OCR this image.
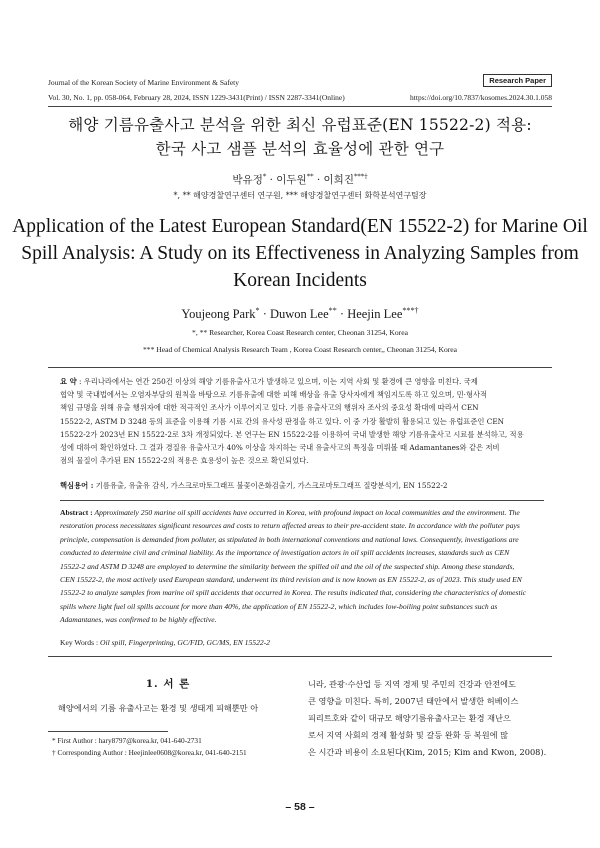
Journal of the Korean Society of Marine Environment & Safety	Research Paper
Vol. 30, No. 1, pp. 058-064, February 28, 2024, ISSN 1229-3431(Print) / ISSN 2287-3341(Online)	https://doi.org/10.7837/kosomes.2024.30.1.058
해양 기름유출사고 분석을 위한 최신 유럽표준(EN 15522-2) 적용:
한국 사고 샘플 분석의 효율성에 관한 연구
박유정* · 이두원** · 이희진***†
*, ** 해양경찰연구센터 연구원, *** 해양경찰연구센터 화학분석연구팀장
Application of the Latest European Standard(EN 15522-2) for Marine Oil
Spill Analysis: A Study on its Effectiveness in Analyzing Samples from
Korean Incidents
Youjeong Park* · Duwon Lee** · Heejin Lee***†
*, ** Researcher, Korea Coast Research center, Cheonan 31254, Korea
*** Head of Chemical Analysis Research Team , Korea Coast Research center,, Cheonan 31254, Korea
요 약 : 우리나라에서는 연간 250건 이상의 해양 기름유출사고가 발생하고 있으며, 이는 지역 사회 및 환경에 큰 영향을 미친다. 국제
협약 및 국내법에서는 오염자부담의 원칙을 바탕으로 기름유출에 대한 피해 배상을 유출 당사자에게 책임지도록 하고 있으며, 민·형사적
책임 규명을 위해 유출 행위자에 대한 적극적인 조사가 이루어지고 있다. 기름 유출사고의 행위자 조사의 중요성 확대에 따라서 CEN
15522-2, ASTM D 3248 등의 표준을 이용해 기름 시료 간의 유사성 판정을 하고 있다. 이 중 가장 활발히 활용되고 있는 유럽표준인 CEN
15522-2가 2023년 EN 15522-2로 3차 개정되었다. 본 연구는 EN 15522-2를 이용하여 국내 발생한 해양 기름유출사고 시료를 분석하고, 적용
성에 대하여 확인하였다. 그 결과 경질유 유출사고가 40% 이상을 차지하는 국내 유출사고의 특징을 미뤄볼 때 Adamantanes와 같은 저비
점의 물질이 추가된 EN 15522-2의 적용은 효용성이 높은 것으로 확인되었다.
핵심용어 : 기름유출, 유출유 감식, 가스크로마토그래프 불꽃이온화검출기, 가스크로마토그래프 질량분석기, EN 15522-2
Abstract : Approximately 250 marine oil spill accidents have occurred in Korea, with profound impact on local communities and the environment. The
restoration process necessitates significant resources and costs to return affected areas to their pre-accident state. In accordance with the polluter pays
principle, compensation is demanded from polluter, as stipulated in both international conventions and national laws. Consequently, investigations are
conducted to determine civil and criminal liability. As the importance of investigation actors in oil spill accidents increases, standards such as CEN
15522-2 and ASTM D 3248 are employed to determine the similarity between the spilled oil and the oil of the suspected ship. Among these standards,
CEN 15522-2, the most actively used European standard, underwent its third revision and is now known as EN 15522-2, as of 2023. This study used EN
15522-2 to analyze samples from marine oil spill accidents that occurred in Korea. The results indicated that, considering the characteristics of domestic
spills where light fuel oil spills account for more than 40%, the application of EN 15522-2, which includes low-boiling point substances such as
Adamantanes, was confirmed to be highly effective.
Key Words : Oil spill, Fingerprinting, GC/FID, GC/MS, EN 15522-2
1. 서 론
해양에서의 기름 유출사고는 환경 및 생태계 피해뿐만 아
* First Author : hary8797@korea.kr, 041-640-2731
† Corresponding Author : Heejinlee0608@korea.kr, 041-640-2151
니라, 관광·수산업 등 지역 경제 및 주민의 건강과 안전에도
큰 영향을 미친다. 특히, 2007년 태안에서 발생한 허베이스
피리트호와 같이 대규모 해양기름유출사고는 환경 재난으
로서 지역 사회의 경제 활성화 및 갈등 완화 등 복원에 많
은 시간과 비용이 소요된다(Kim, 2015; Kim and Kwon, 2008).
– 58 –
